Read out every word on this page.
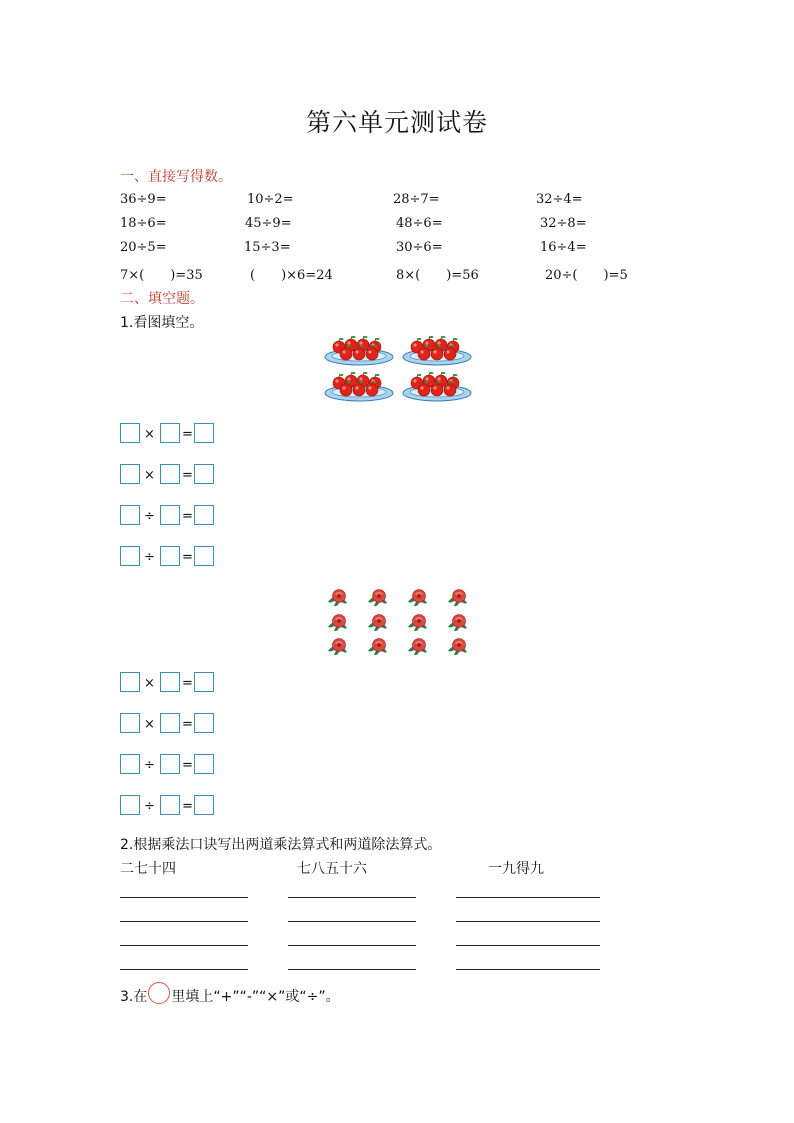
第六单元测试卷
一、直接写得数。
36÷9=	10÷2=	28÷7=	32÷4=
18÷6=	45÷9=	48÷6=	32÷8=
20÷5=	15÷3=	30÷6=	16÷4=
7×(　　)=35	(　　)×6=24	8×(　　)=56	20÷(　　)=5
二、填空题。
1.看图填空。
× =
× =
÷ =
÷ =
× =
× =
÷ =
÷ =
2.根据乘法口诀写出两道乘法算式和两道除法算式。
二七十四	七八五十六	一九得九
3.在 里填上“+”“-”“×”或“÷”。
